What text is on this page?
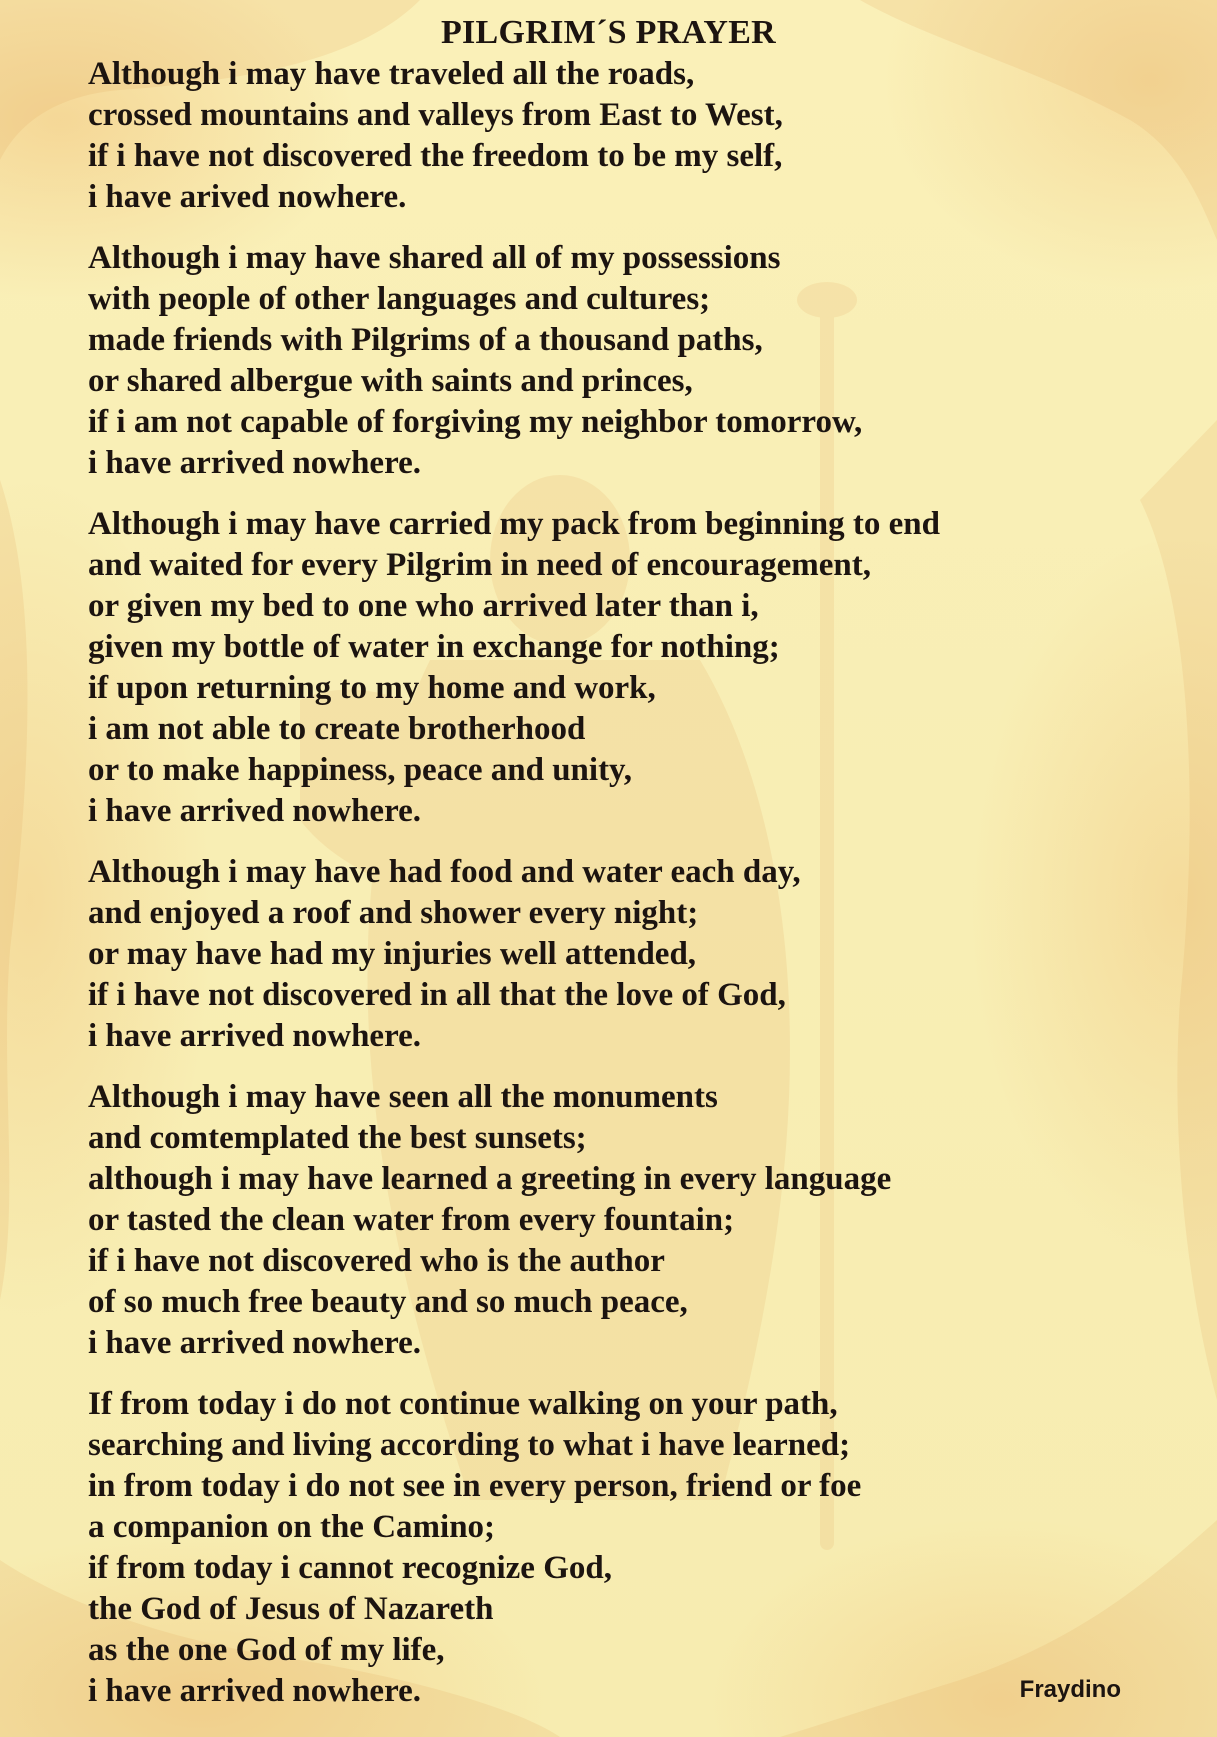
PILGRIM´S PRAYER
Although i may have traveled all the roads,
crossed mountains and valleys from East to West,
if i have not discovered the freedom to be my self,
i have arived nowhere.
Although i may have shared all of my possessions
with people of other languages and cultures;
made friends with Pilgrims of a thousand paths,
or shared albergue with saints and princes,
if i am not capable of forgiving my neighbor tomorrow,
i have arrived nowhere.
Although i may have carried my pack from beginning to end
and waited for every Pilgrim in need of encouragement,
or given my bed to one who arrived later than i,
given my bottle of water in exchange for nothing;
if upon returning to my home and work,
i am not able to create brotherhood
or to make happiness, peace and unity,
i have arrived nowhere.
Although i may have had food and water each day,
and enjoyed a roof and shower every night;
or may have had my injuries well attended,
if i have not discovered in all that the love of God,
i have arrived nowhere.
Although i may have seen all the monuments
and comtemplated the best sunsets;
although i may have learned a greeting in every language
or tasted the clean water from every fountain;
if i have not discovered who is the author
of so much free beauty and so much peace,
i have arrived nowhere.
If from today i do not continue walking on your path,
searching and living according to what i have learned;
in from today i do not see in every person, friend or foe
a companion on the Camino;
if from today i cannot recognize God,
the God of Jesus of Nazareth
as the one God of my life,
i have arrived nowhere.	Fraydino
